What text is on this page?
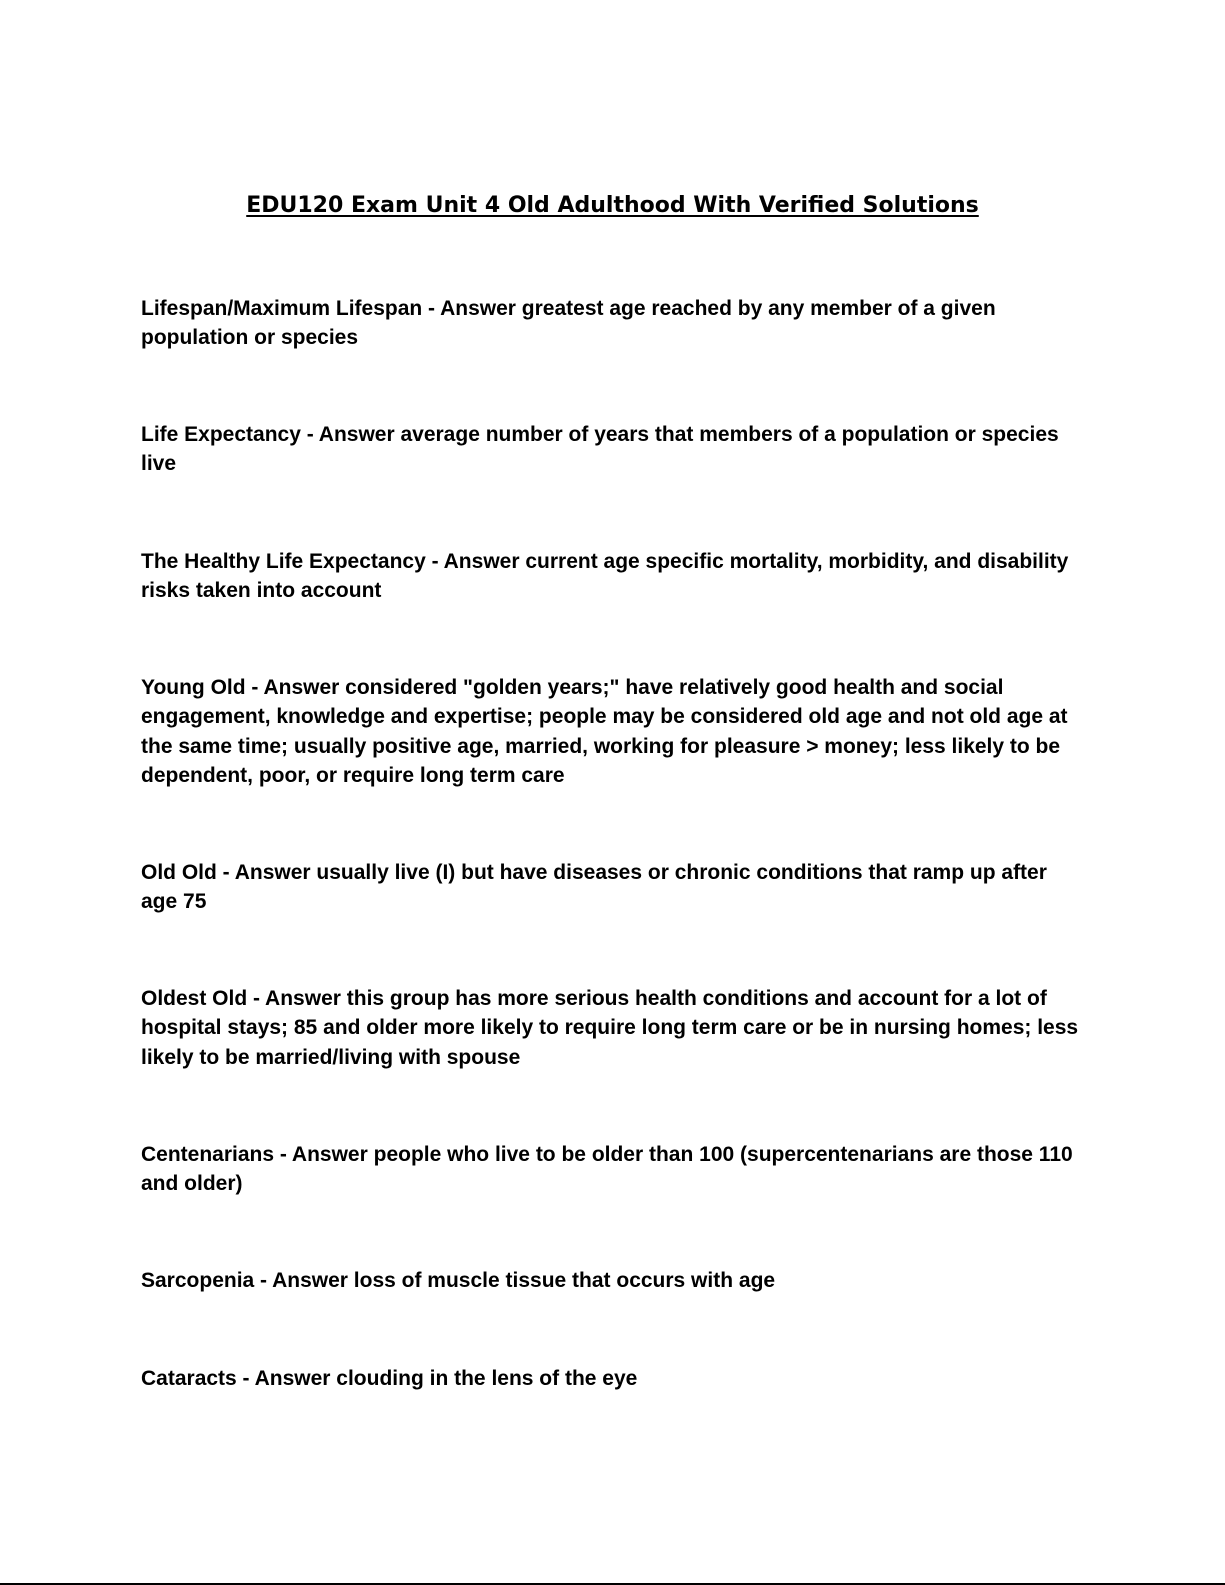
EDU120 Exam Unit 4 Old Adulthood With Verified Solutions

Lifespan/Maximum Lifespan - Answer greatest age reached by any member of a given population or species

Life Expectancy - Answer average number of years that members of a population or species live

The Healthy Life Expectancy - Answer current age specific mortality, morbidity, and disability risks taken into account

Young Old - Answer considered "golden years;" have relatively good health and social engagement, knowledge and expertise; people may be considered old age and not old age at the same time; usually positive age, married, working for pleasure > money; less likely to be dependent, poor, or require long term care

Old Old - Answer usually live (I) but have diseases or chronic conditions that ramp up after age 75

Oldest Old - Answer this group has more serious health conditions and account for a lot of hospital stays; 85 and older more likely to require long term care or be in nursing homes; less likely to be married/living with spouse

Centenarians - Answer people who live to be older than 100 (supercentenarians are those 110 and older)

Sarcopenia - Answer loss of muscle tissue that occurs with age

Cataracts - Answer clouding in the lens of the eye
